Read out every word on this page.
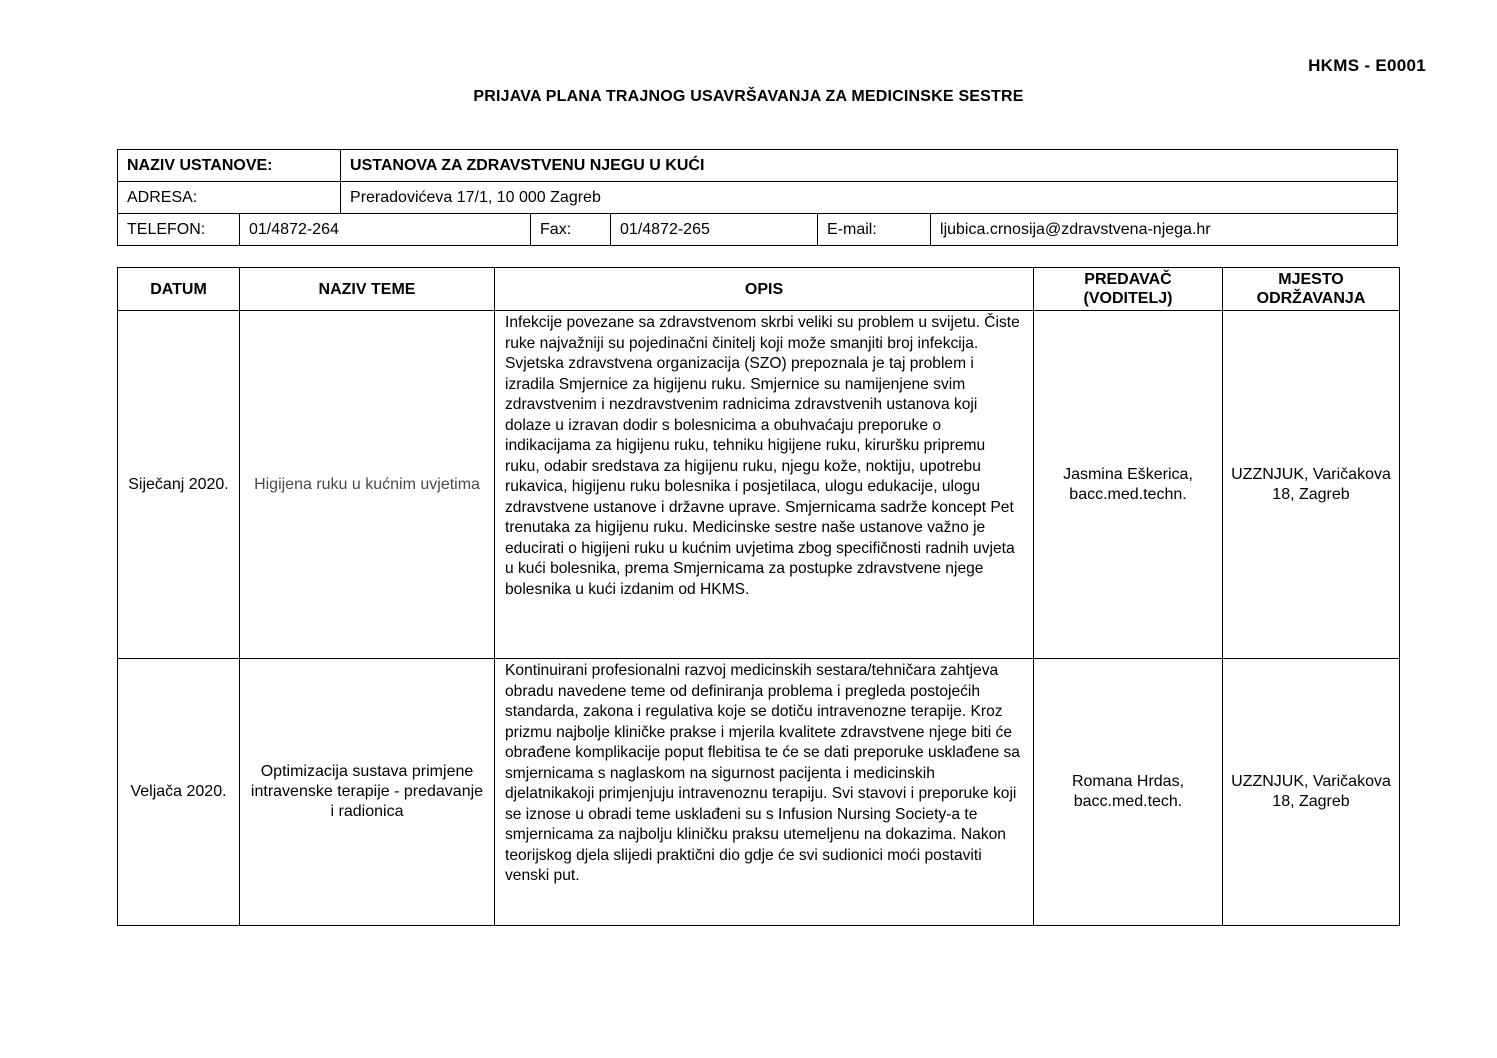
HKMS - E0001
PRIJAVA PLANA TRAJNOG USAVRŠAVANJA ZA MEDICINSKE SESTRE
NAZIV USTANOVE:		USTANOVA ZA ZDRAVSTVENU NJEGU U KUĆI				
ADRESA:		Preradovićeva 17/1, 10 000 Zagreb				
TELEFON:	01/4872-264		Fax:	01/4872-265	E-mail:	ljubica.crnosija@zdravstvena-njega.hr
DATUM	NAZIV TEME	OPIS	PREDAVAČ (VODITELJ)	MJESTO ODRŽAVANJA
Siječanj 2020.	Higijena ruku u kućnim uvjetima	Infekcije povezane sa zdravstvenom skrbi veliki su problem u svijetu. Čiste ruke najvažniji su pojedinačni činitelj koji može smanjiti broj infekcija. Svjetska zdravstvena organizacija (SZO) prepoznala je taj problem i izradila Smjernice za higijenu ruku. Smjernice su namijenjene svim zdravstvenim i nezdravstvenim radnicima zdravstvenih ustanova koji dolaze u izravan dodir s bolesnicima a obuhvaćaju preporuke o indikacijama za higijenu ruku, tehniku higijene ruku, kiruršku pripremu ruku, odabir sredstava za higijenu ruku, njegu kože, noktiju, upotrebu rukavica, higijenu ruku bolesnika i posjetilaca, ulogu edukacije, ulogu zdravstvene ustanove i državne uprave. Smjernicama sadrže koncept Pet trenutaka za higijenu ruku. Medicinske sestre naše ustanove važno je educirati o higijeni ruku u kućnim uvjetima zbog specifičnosti radnih uvjeta u kući bolesnika, prema Smjernicama za postupke zdravstvene njege bolesnika u kući izdanim od HKMS.	Jasmina Eškerica, bacc.med.techn.	UZZNJUK, Varičakova 18, Zagreb
Veljača 2020.	Optimizacija sustava primjene intravenske terapije - predavanje i radionica	Kontinuirani profesionalni razvoj medicinskih sestara/tehničara zahtjeva obradu navedene teme od definiranja problema i pregleda postojećih standarda, zakona i regulativa koje se dotiču intravenozne terapije. Kroz prizmu najbolje kliničke prakse i mjerila kvalitete zdravstvene njege biti će obrađene komplikacije poput flebitisa te će se dati preporuke usklađene sa smjernicama s naglaskom na sigurnost pacijenta i medicinskih djelatnikakoji primjenjuju intravenoznu terapiju. Svi stavovi i preporuke koji se iznose u obradi teme usklađeni su s Infusion Nursing Society-a te smjernicama za najbolju kliničku praksu utemeljenu na dokazima. Nakon teorijskog djela slijedi praktični dio gdje će svi sudionici moći postaviti venski put.	Romana Hrdas, bacc.med.tech.	UZZNJUK, Varičakova 18, Zagreb
